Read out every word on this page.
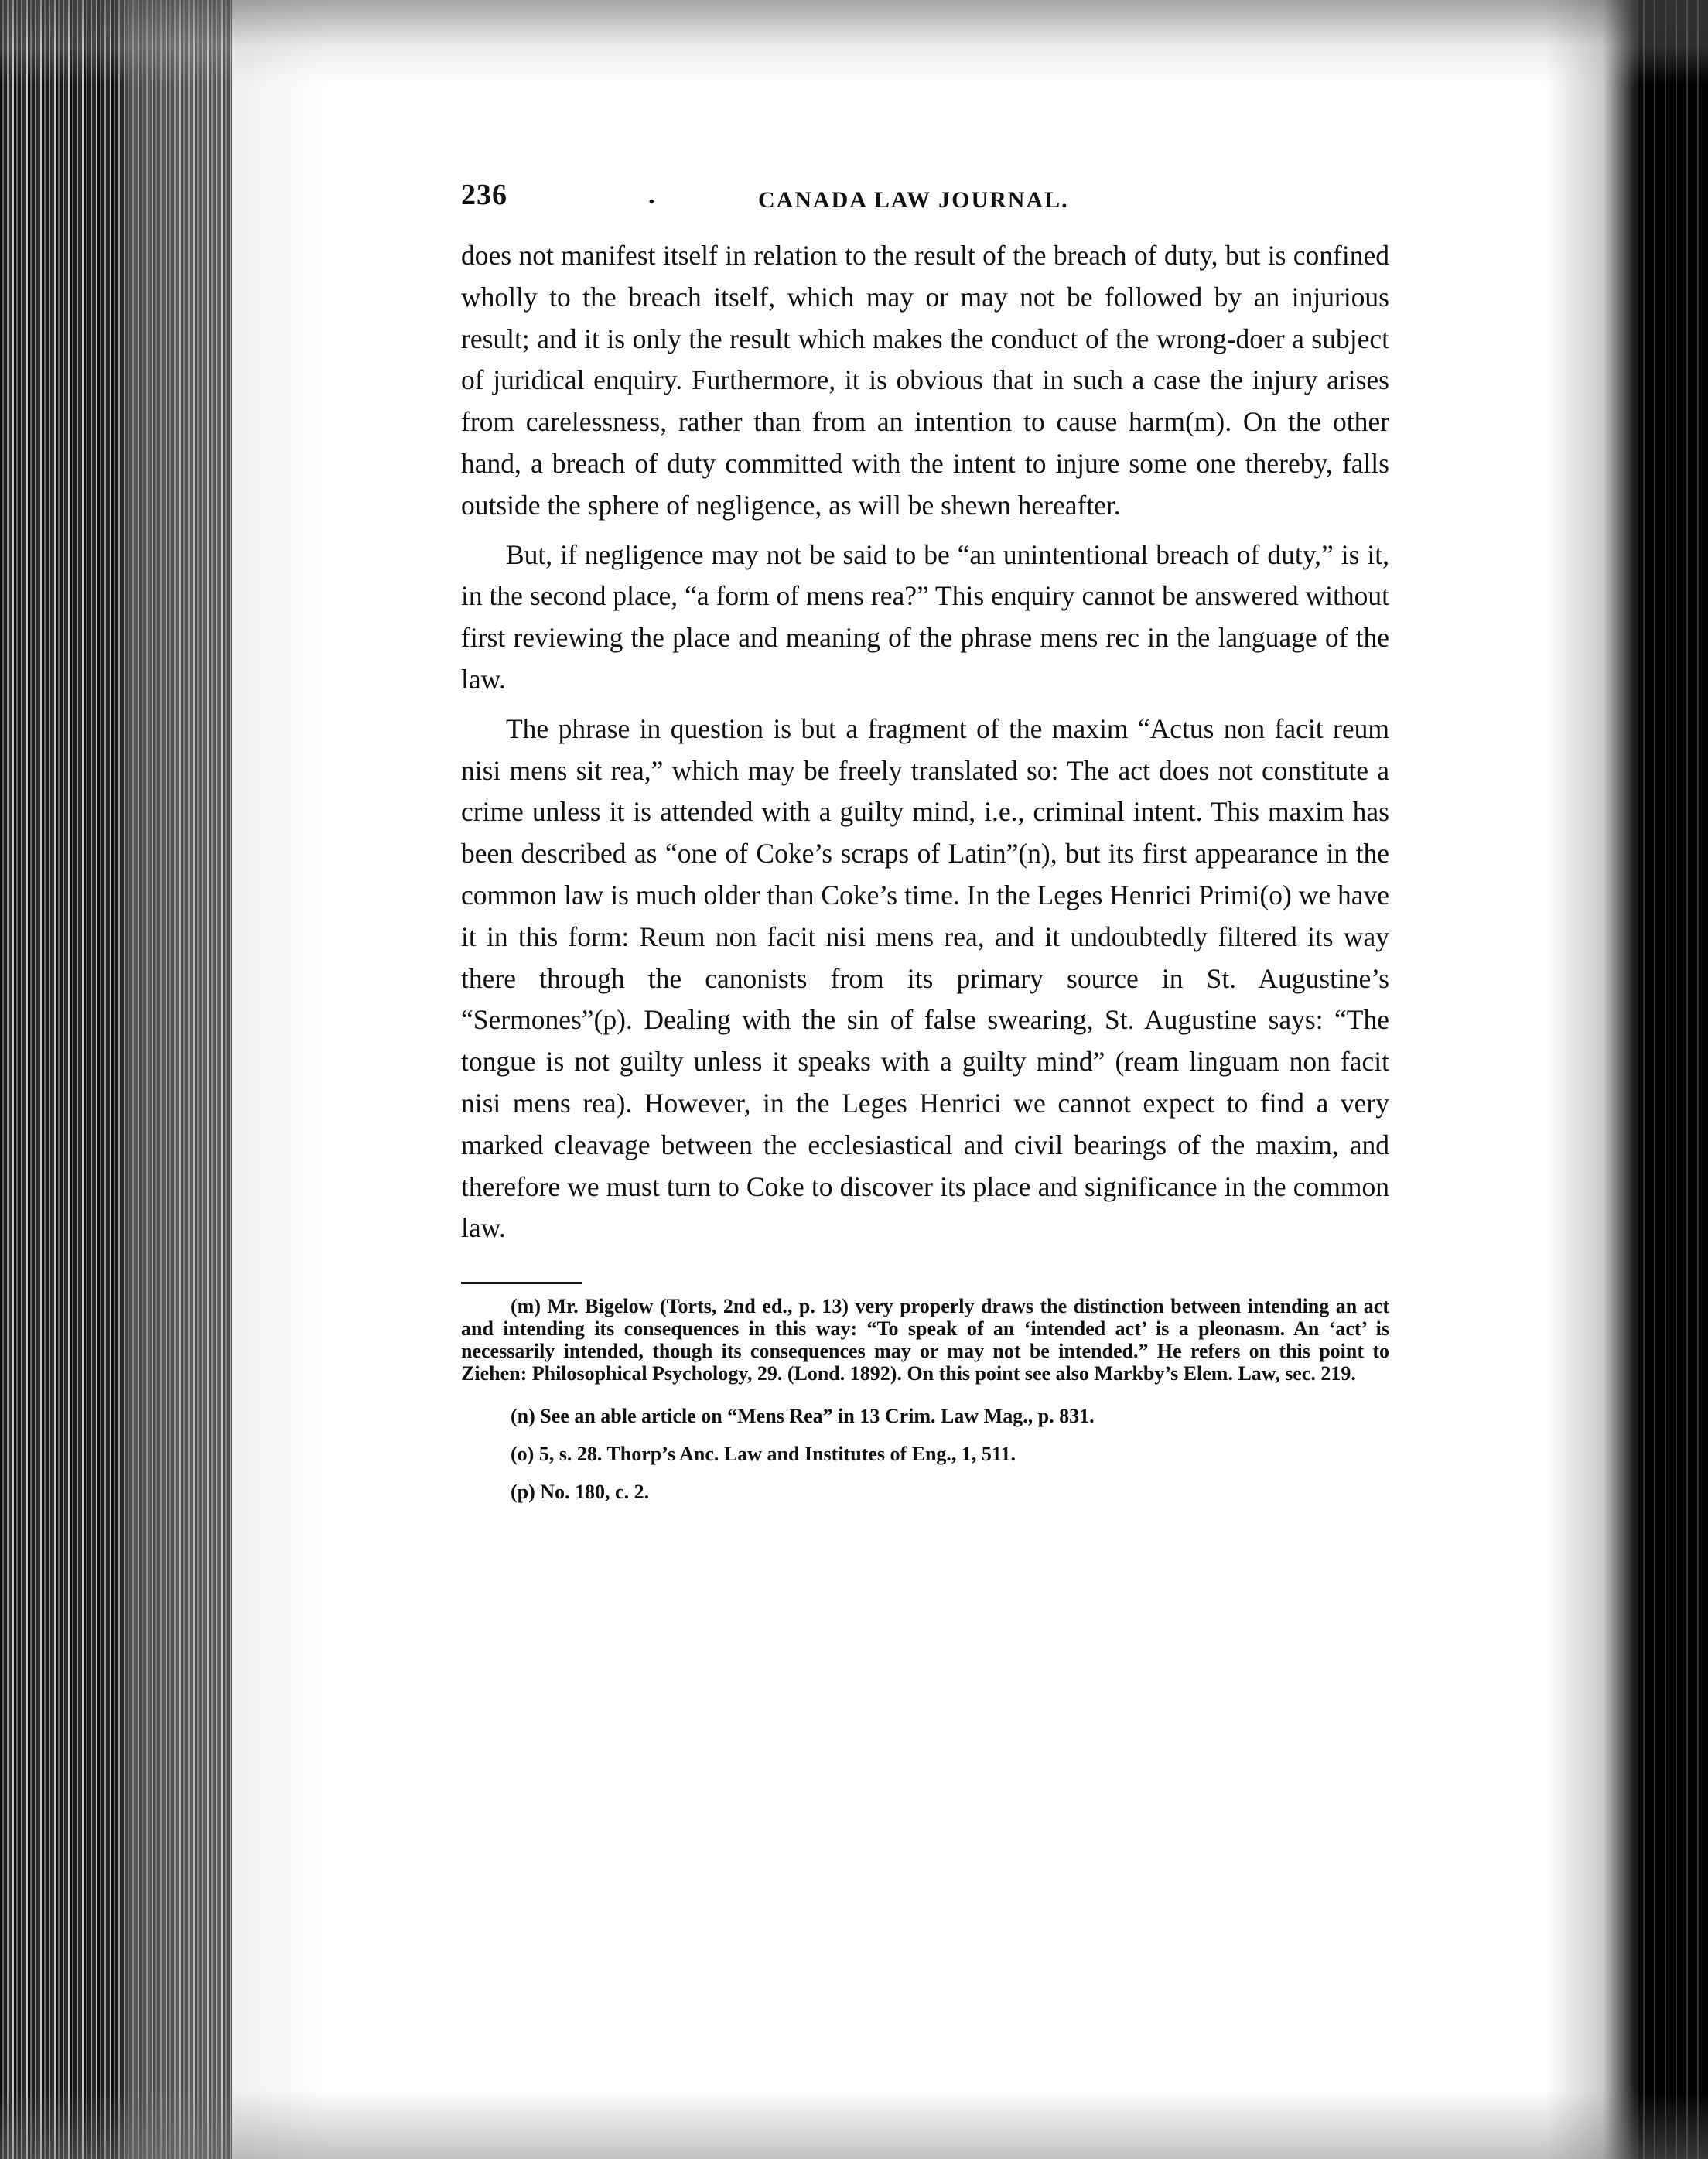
236	.	CANADA LAW JOURNAL.

does not manifest itself in relation to the result of the breach of duty, but is confined wholly to the breach itself, which may or may not be followed by an injurious result; and it is only the result which makes the conduct of the wrong-doer a subject of juridical enquiry. Furthermore, it is obvious that in such a case the injury arises from carelessness, rather than from an intention to cause harm(m). On the other hand, a breach of duty committed with the intent to injure some one thereby, falls outside the sphere of negligence, as will be shewn hereafter.

But, if negligence may not be said to be “an unintentional breach of duty,” is it, in the second place, “a form of mens rea?” This enquiry cannot be answered without first reviewing the place and meaning of the phrase mens rec in the language of the law.

The phrase in question is but a fragment of the maxim “Actus non facit reum nisi mens sit rea,” which may be freely translated so: The act does not constitute a crime unless it is attended with a guilty mind, i.e., criminal intent. This maxim has been described as “one of Coke’s scraps of Latin”(n), but its first appearance in the common law is much older than Coke’s time. In the Leges Henrici Primi(o) we have it in this form: Reum non facit nisi mens rea, and it undoubtedly filtered its way there through the canonists from its primary source in St. Augustine’s “Sermones”(p). Dealing with the sin of false swearing, St. Augustine says: “The tongue is not guilty unless it speaks with a guilty mind” (ream linguam non facit nisi mens rea). However, in the Leges Henrici we cannot expect to find a very marked cleavage between the ecclesiastical and civil bearings of the maxim, and therefore we must turn to Coke to discover its place and significance in the common law.

(m) Mr. Bigelow (Torts, 2nd ed., p. 13) very properly draws the distinction between intending an act and intending its consequences in this way: “To speak of an ‘intended act’ is a pleonasm. An ‘act’ is necessarily intended, though its consequences may or may not be intended.” He refers on this point to Ziehen: Philosophical Psychology, 29. (Lond. 1892). On this point see also Markby’s Elem. Law, sec. 219.

(n) See an able article on “Mens Rea” in 13 Crim. Law Mag., p. 831.

(o) 5, s. 28. Thorp’s Anc. Law and Institutes of Eng., 1, 511.

(p) No. 180, c. 2.
